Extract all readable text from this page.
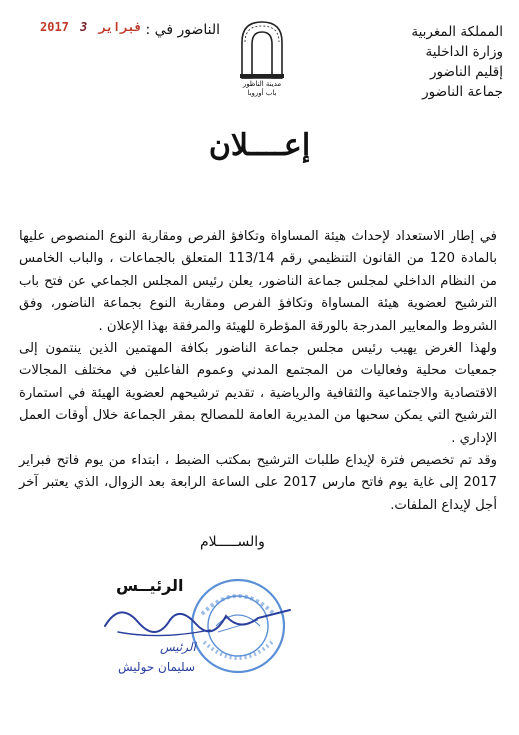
المملكة المغربية
وزارة الداخلية
إقليم الناضور
جماعة الناضور
الناضور في :
2017 3 فبراير
مدينة الناظور
باب أوروبا
إعــــلان

في إطار الاستعداد لإحداث هيئة المساواة وتكافؤ الفرص ومقاربة النوع المنصوص عليها بالمادة 120 من القانون التنظيمي رقم 113/14 المتعلق بالجماعات ، والباب الخامس من النظام الداخلي لمجلس جماعة الناضور، يعلن رئيس المجلس الجماعي عن فتح باب الترشيح لعضوية هيئة المساواة وتكافؤ الفرص ومقاربة النوع بجماعة الناضور، وفق الشروط والمعايير المدرجة بالورقة المؤطرة للهيئة والمرفقة بهذا الإعلان .

ولهذا الغرض يهيب رئيس مجلس جماعة الناضور بكافة المهتمين الذين ينتمون إلى جمعيات محلية وفعاليات من المجتمع المدني وعموم الفاعلين في مختلف المجالات الاقتصادية والاجتماعية والثقافية والرياضية ، تقديم ترشيحهم لعضوية الهيئة في استمارة الترشيح التي يمكن سحبها من المديرية العامة للمصالح بمقر الجماعة خلال أوقات العمل الإداري .

وقد تم تخصيص فترة لإيداع طلبات الترشيح بمكتب الضبط ، ابتداء من يوم فاتح فبراير 2017 إلى غاية يوم فاتح مارس 2017 على الساعة الرابعة بعد الزوال، الذي يعتبر آخر أجل لإيداع الملفات.

والســـــلام
الرئيــس
الرئيس
سليمان حوليش
